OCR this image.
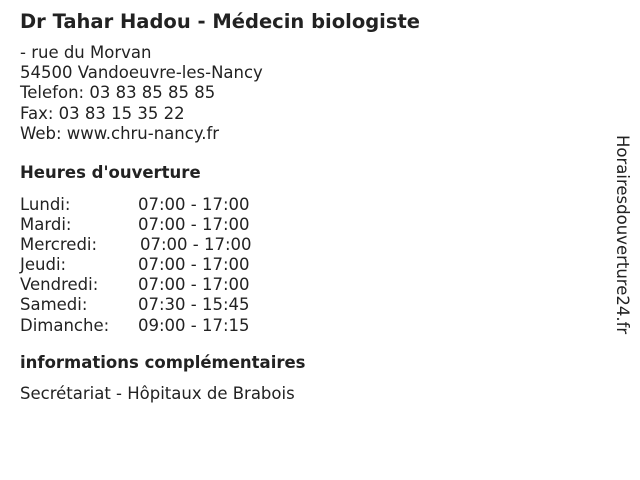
Dr Tahar Hadou - Médecin biologiste
- rue du Morvan
54500 Vandoeuvre-les-Nancy
Telefon: 03 83 85 85 85
Fax: 03 83 15 35 22
Web: www.chru-nancy.fr
Heures d'ouverture
Lundi:	07:00 - 17:00
Mardi:	07:00 - 17:00
Mercredi:	07:00 - 17:00
Jeudi:	07:00 - 17:00
Vendredi: 07:00 - 17:00
Samedi:	07:30 - 15:45
Dimanche: 09:00 - 17:15
informations complémentaires
Secrétariat - Hôpitaux de Brabois
Horairesdouverture24.fr
